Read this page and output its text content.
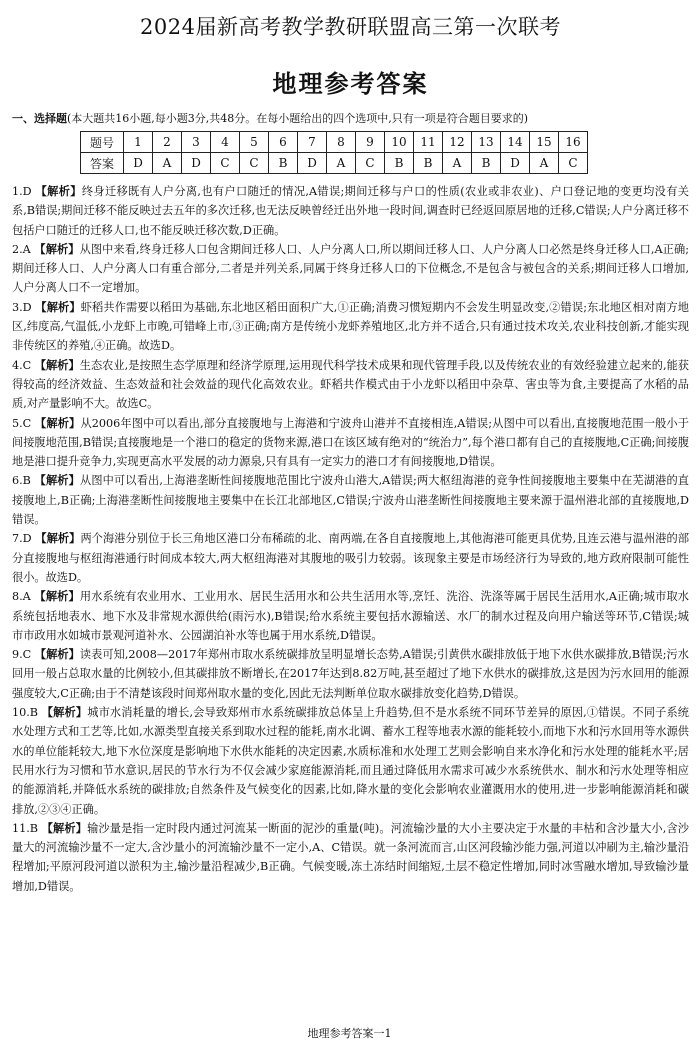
2024届新高考教学教研联盟高三第一次联考
地理参考答案

一、选择题(本大题共16小题,每小题3分,共48分。在每小题给出的四个选项中,只有一项是符合题目要求的)

题号	1	2	3	4	5	6	7	8	9	10	11	12	13	14	15	16
答案	D	A	D	C	C	B	D	A	C	B	B	A	B	D	A	C

1.D 【解析】终身迁移既有人户分离,也有户口随迁的情况,A错误;期间迁移与户口的性质(农业或非农业)、户口登记地的变更均没有关系,B错误;期间迁移不能反映过去五年的多次迁移,也无法反映曾经迁出外地一段时间,调查时已经返回原居地的迁移,C错误;人户分离迁移不包括户口随迁的迁移人口,也不能反映迁移次数,D正确。

2.A 【解析】从图中来看,终身迁移人口包含期间迁移人口、人户分离人口,所以期间迁移人口、人户分离人口必然是终身迁移人口,A正确;期间迁移人口、人户分离人口有重合部分,二者是并列关系,同属于终身迁移人口的下位概念,不是包含与被包含的关系;期间迁移人口增加,人户分离人口不一定增加。

3.D 【解析】虾稻共作需要以稻田为基础,东北地区稻田面积广大,①正确;消费习惯短期内不会发生明显改变,②错误;东北地区相对南方地区,纬度高,气温低,小龙虾上市晚,可错峰上市,③正确;南方是传统小龙虾养殖地区,北方并不适合,只有通过技术攻关,农业科技创新,才能实现非传统区的养殖,④正确。故选D。

4.C 【解析】生态农业,是按照生态学原理和经济学原理,运用现代科学技术成果和现代管理手段,以及传统农业的有效经验建立起来的,能获得较高的经济效益、生态效益和社会效益的现代化高效农业。虾稻共作模式由于小龙虾以稻田中杂草、害虫等为食,主要提高了水稻的品质,对产量影响不大。故选C。

5.C 【解析】从2006年图中可以看出,部分直接腹地与上海港和宁波舟山港并不直接相连,A错误;从图中可以看出,直接腹地范围一般小于间接腹地范围,B错误;直接腹地是一个港口的稳定的货物来源,港口在该区域有绝对的“统治力”,每个港口都有自己的直接腹地,C正确;间接腹地是港口提升竞争力,实现更高水平发展的动力源泉,只有具有一定实力的港口才有间接腹地,D错误。

6.B 【解析】从图中可以看出,上海港垄断性间接腹地范围比宁波舟山港大,A错误;两大枢纽海港的竞争性间接腹地主要集中在芜湖港的直接腹地上,B正确;上海港垄断性间接腹地主要集中在长江北部地区,C错误;宁波舟山港垄断性间接腹地主要来源于温州港北部的直接腹地,D错误。

7.D 【解析】两个海港分别位于长三角地区港口分布稀疏的北、南两端,在各自直接腹地上,其他海港可能更具优势,且连云港与温州港的部分直接腹地与枢纽海港通行时间成本较大,两大枢纽海港对其腹地的吸引力较弱。该现象主要是市场经济行为导致的,地方政府限制可能性很小。故选D。

8.A 【解析】用水系统有农业用水、工业用水、居民生活用水和公共生活用水等,烹饪、洗浴、洗涤等属于居民生活用水,A正确;城市取水系统包括地表水、地下水及非常规水源供给(雨污水),B错误;给水系统主要包括水源输送、水厂的制水过程及向用户输送等环节,C错误;城市市政用水如城市景观河道补水、公园湖泊补水等也属于用水系统,D错误。

9.C 【解析】读表可知,2008—2017年郑州市取水系统碳排放呈明显增长态势,A错误;引黄供水碳排放低于地下水供水碳排放,B错误;污水回用一般占总取水量的比例较小,但其碳排放不断增长,在2017年达到8.82万吨,甚至超过了地下水供水的碳排放,这是因为污水回用的能源强度较大,C正确;由于不清楚该段时间郑州取水量的变化,因此无法判断单位取水碳排放变化趋势,D错误。

10.B 【解析】城市水消耗量的增长,会导致郑州市水系统碳排放总体呈上升趋势,但不是水系统不同环节差异的原因,①错误。不同子系统水处理方式和工艺等,比如,水源类型直接关系到取水过程的能耗,南水北调、蓄水工程等地表水源的能耗较小,而地下水和污水回用等水源供水的单位能耗较大,地下水位深度是影响地下水供水能耗的决定因素,水质标准和水处理工艺则会影响自来水净化和污水处理的能耗水平;居民用水行为习惯和节水意识,居民的节水行为不仅会减少家庭能源消耗,而且通过降低用水需求可减少水系统供水、制水和污水处理等相应的能源消耗,并降低水系统的碳排放;自然条件及气候变化的因素,比如,降水量的变化会影响农业灌溉用水的使用,进一步影响能源消耗和碳排放,②③④正确。

11.B 【解析】输沙量是指一定时段内通过河流某一断面的泥沙的重量(吨)。河流输沙量的大小主要决定于水量的丰枯和含沙量大小,含沙量大的河流输沙量不一定大,含沙量小的河流输沙量不一定小,A、C错误。就一条河流而言,山区河段输沙能力强,河道以冲刷为主,输沙量沿程增加;平原河段河道以淤积为主,输沙量沿程减少,B正确。气候变暖,冻土冻结时间缩短,土层不稳定性增加,同时冰雪融水增加,导致输沙量增加,D错误。

地理参考答案一1
